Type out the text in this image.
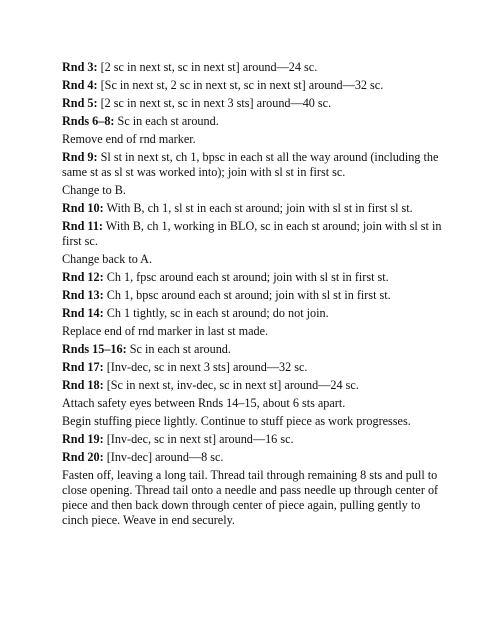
Rnd 3: [2 sc in next st, sc in next st] around—24 sc.

Rnd 4: [Sc in next st, 2 sc in next st, sc in next st] around—32 sc.

Rnd 5: [2 sc in next st, sc in next 3 sts] around—40 sc.

Rnds 6–8: Sc in each st around.

Remove end of rnd marker.

Rnd 9: Sl st in next st, ch 1, bpsc in each st all the way around (including the same st as sl st was worked into); join with sl st in first sc.

Change to B.

Rnd 10: With B, ch 1, sl st in each st around; join with sl st in first sl st.

Rnd 11: With B, ch 1, working in BLO, sc in each st around; join with sl st in first sc.

Change back to A.

Rnd 12: Ch 1, fpsc around each st around; join with sl st in first st.

Rnd 13: Ch 1, bpsc around each st around; join with sl st in first st.

Rnd 14: Ch 1 tightly, sc in each st around; do not join.

Replace end of rnd marker in last st made.

Rnds 15–16: Sc in each st around.

Rnd 17: [Inv-dec, sc in next 3 sts] around—32 sc.

Rnd 18: [Sc in next st, inv-dec, sc in next st] around—24 sc.

Attach safety eyes between Rnds 14–15, about 6 sts apart.

Begin stuffing piece lightly. Continue to stuff piece as work progresses.

Rnd 19: [Inv-dec, sc in next st] around—16 sc.

Rnd 20: [Inv-dec] around—8 sc.

Fasten off, leaving a long tail. Thread tail through remaining 8 sts and pull to close opening. Thread tail onto a needle and pass needle up through center of piece and then back down through center of piece again, pulling gently to cinch piece. Weave in end securely.
